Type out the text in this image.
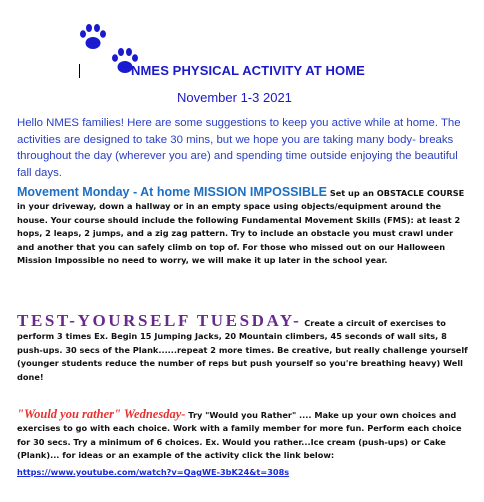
NMES PHYSICAL ACTIVITY AT HOME
November 1-3 2021
Hello NMES families! Here are some suggestions to keep you active while at home. The activities are designed to take 30 mins, but we hope you are taking many body- breaks throughout the day (wherever you are) and spending time outside enjoying the beautiful fall days.
Movement Monday - At home MISSION IMPOSSIBLE Set up an OBSTACLE COURSE in your driveway, down a hallway or in an empty space using objects/equipment around the house. Your course should include the following Fundamental Movement Skills (FMS): at least 2 hops, 2 leaps, 2 jumps, and a zig zag pattern. Try to include an obstacle you must crawl under and another that you can safely climb on top of. For those who missed out on our Halloween Mission Impossible no need to worry, we will make it up later in the school year.
TEST-YOURSELF TUESDAY- Create a circuit of exercises to perform 3 times Ex. Begin 15 Jumping Jacks, 20 Mountain climbers, 45 seconds of wall sits, 8 push-ups. 30 secs of the Plank......repeat 2 more times. Be creative, but really challenge yourself (younger students reduce the number of reps but push yourself so you're breathing heavy) Well done!
"Would you rather" Wednesday- Try "Would you Rather" .... Make up your own choices and exercises to go with each choice. Work with a family member for more fun. Perform each choice for 30 secs. Try a minimum of 6 choices. Ex. Would you rather...Ice cream (push-ups) or Cake (Plank)... for ideas or an example of the activity click the link below:
https://www.youtube.com/watch?v=QagWE-3bK24&t=308s
